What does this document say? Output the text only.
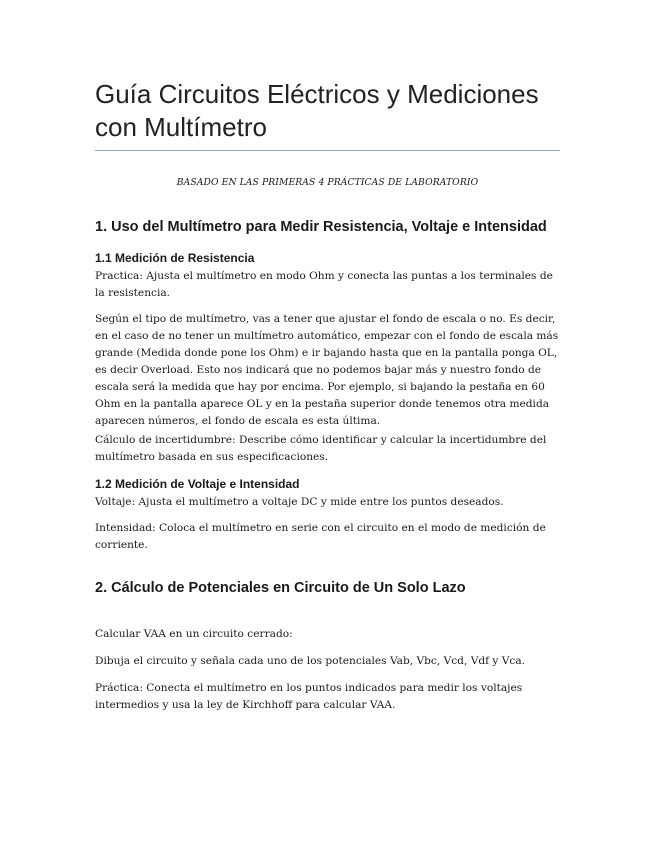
Guía Circuitos Eléctricos y Mediciones con Multímetro
BASADO EN LAS PRIMERAS 4 PRÁCTICAS DE LABORATORIO
1. Uso del Multímetro para Medir Resistencia, Voltaje e Intensidad
1.1 Medición de Resistencia

Practica: Ajusta el multímetro en modo Ohm y conecta las puntas a los terminales de la resistencia.

Según el tipo de multímetro, vas a tener que ajustar el fondo de escala o no. Es decir, en el caso de no tener un multímetro automático, empezar con el fondo de escala más grande (Medida donde pone los Ohm) e ir bajando hasta que en la pantalla ponga OL, es decir Overload. Esto nos indicará que no podemos bajar más y nuestro fondo de escala será la medida que hay por encima. Por ejemplo, si bajando la pestaña en 60 Ohm en la pantalla aparece OL y en la pestaña superior donde tenemos otra medida aparecen números, el fondo de escala es esta última.

Cálculo de incertidumbre: Describe cómo identificar y calcular la incertidumbre del multímetro basada en sus especificaciones.

1.2 Medición de Voltaje e Intensidad

Voltaje: Ajusta el multímetro a voltaje DC y mide entre los puntos deseados.

Intensidad: Coloca el multímetro en serie con el circuito en el modo de medición de corriente.

2. Cálculo de Potenciales en Circuito de Un Solo Lazo

Calcular VAA en un circuito cerrado:

Dibuja el circuito y señala cada uno de los potenciales Vab, Vbc, Vcd, Vdf y Vca.

Práctica: Conecta el multímetro en los puntos indicados para medir los voltajes intermedios y usa la ley de Kirchhoff para calcular VAA.
